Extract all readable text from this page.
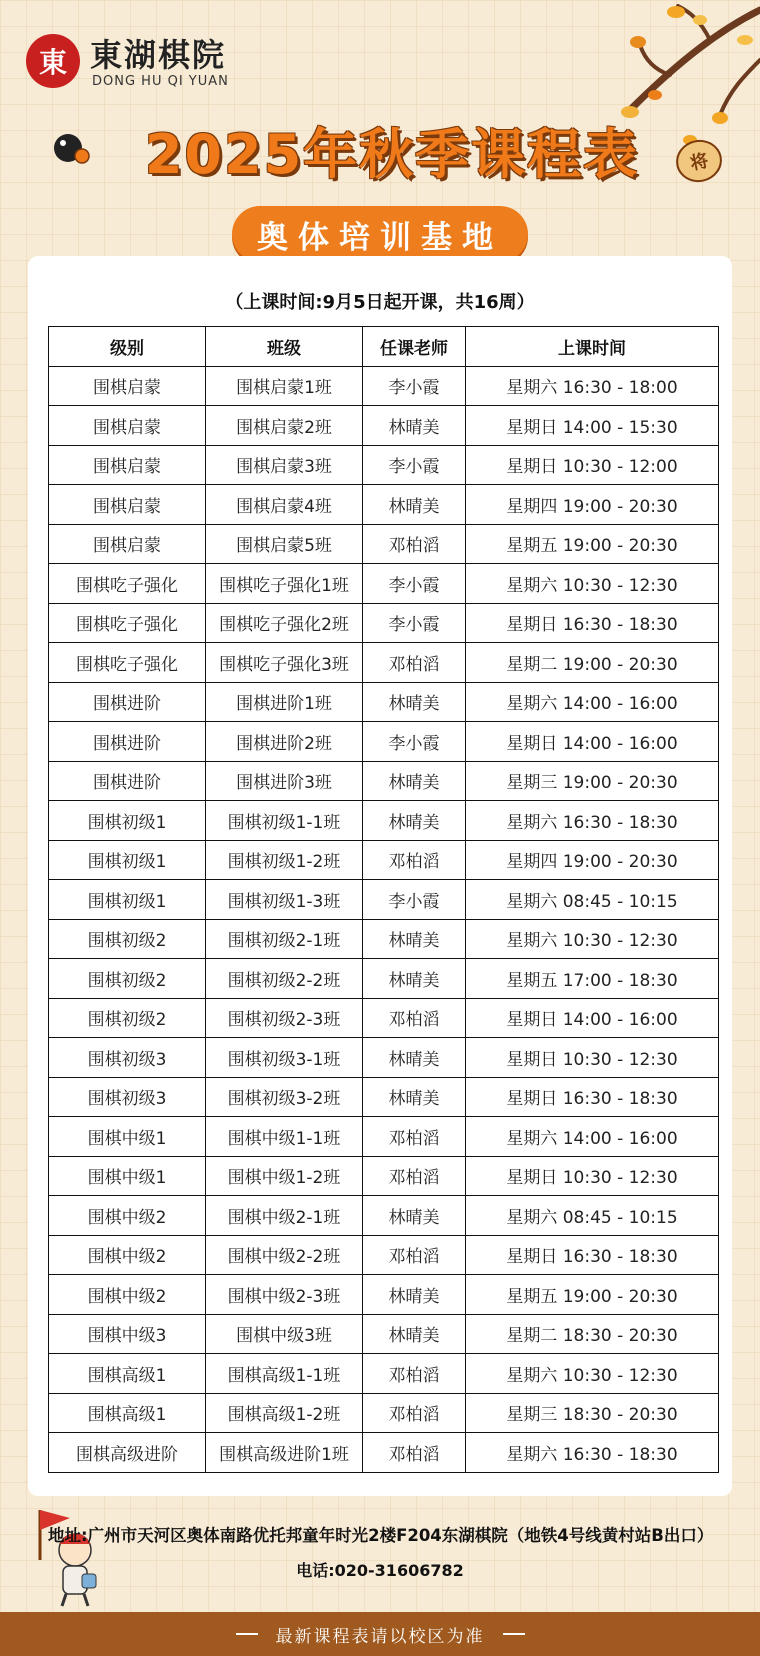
東 東湖棋院
DONG HU QI YUAN
2025年秋季课程表	将
奥体培训基地
（上课时间:9月5日起开课，共16周）
级别	班级	任课老师	上课时间
围棋启蒙	围棋启蒙1班	李小霞	星期六 16:30 - 18:00
围棋启蒙	围棋启蒙2班	林晴美	星期日 14:00 - 15:30
围棋启蒙	围棋启蒙3班	李小霞	星期日 10:30 - 12:00
围棋启蒙	围棋启蒙4班	林晴美	星期四 19:00 - 20:30
围棋启蒙	围棋启蒙5班	邓柏滔	星期五 19:00 - 20:30
围棋吃子强化	围棋吃子强化1班	李小霞	星期六 10:30 - 12:30
围棋吃子强化	围棋吃子强化2班	李小霞	星期日 16:30 - 18:30
围棋吃子强化	围棋吃子强化3班	邓柏滔	星期二 19:00 - 20:30
围棋进阶	围棋进阶1班	林晴美	星期六 14:00 - 16:00
围棋进阶	围棋进阶2班	李小霞	星期日 14:00 - 16:00
围棋进阶	围棋进阶3班	林晴美	星期三 19:00 - 20:30
围棋初级1	围棋初级1-1班	林晴美	星期六 16:30 - 18:30
围棋初级1	围棋初级1-2班	邓柏滔	星期四 19:00 - 20:30
围棋初级1	围棋初级1-3班	李小霞	星期六 08:45 - 10:15
围棋初级2	围棋初级2-1班	林晴美	星期六 10:30 - 12:30
围棋初级2	围棋初级2-2班	林晴美	星期五 17:00 - 18:30
围棋初级2	围棋初级2-3班	邓柏滔	星期日 14:00 - 16:00
围棋初级3	围棋初级3-1班	林晴美	星期日 10:30 - 12:30
围棋初级3	围棋初级3-2班	林晴美	星期日 16:30 - 18:30
围棋中级1	围棋中级1-1班	邓柏滔	星期六 14:00 - 16:00
围棋中级1	围棋中级1-2班	邓柏滔	星期日 10:30 - 12:30
围棋中级2	围棋中级2-1班	林晴美	星期六 08:45 - 10:15
围棋中级2	围棋中级2-2班	邓柏滔	星期日 16:30 - 18:30
围棋中级2	围棋中级2-3班	林晴美	星期五 19:00 - 20:30
围棋中级3	围棋中级3班	林晴美	星期二 18:30 - 20:30
围棋高级1	围棋高级1-1班	邓柏滔	星期六 10:30 - 12:30
围棋高级1	围棋高级1-2班	邓柏滔	星期三 18:30 - 20:30
围棋高级进阶	围棋高级进阶1班	邓柏滔	星期六 16:30 - 18:30
地址:广州市天河区奥体南路优托邦童年时光2楼F204东湖棋院（地铁4号线黄村站B出口）
电话:020-31606782
最新课程表请以校区为准
